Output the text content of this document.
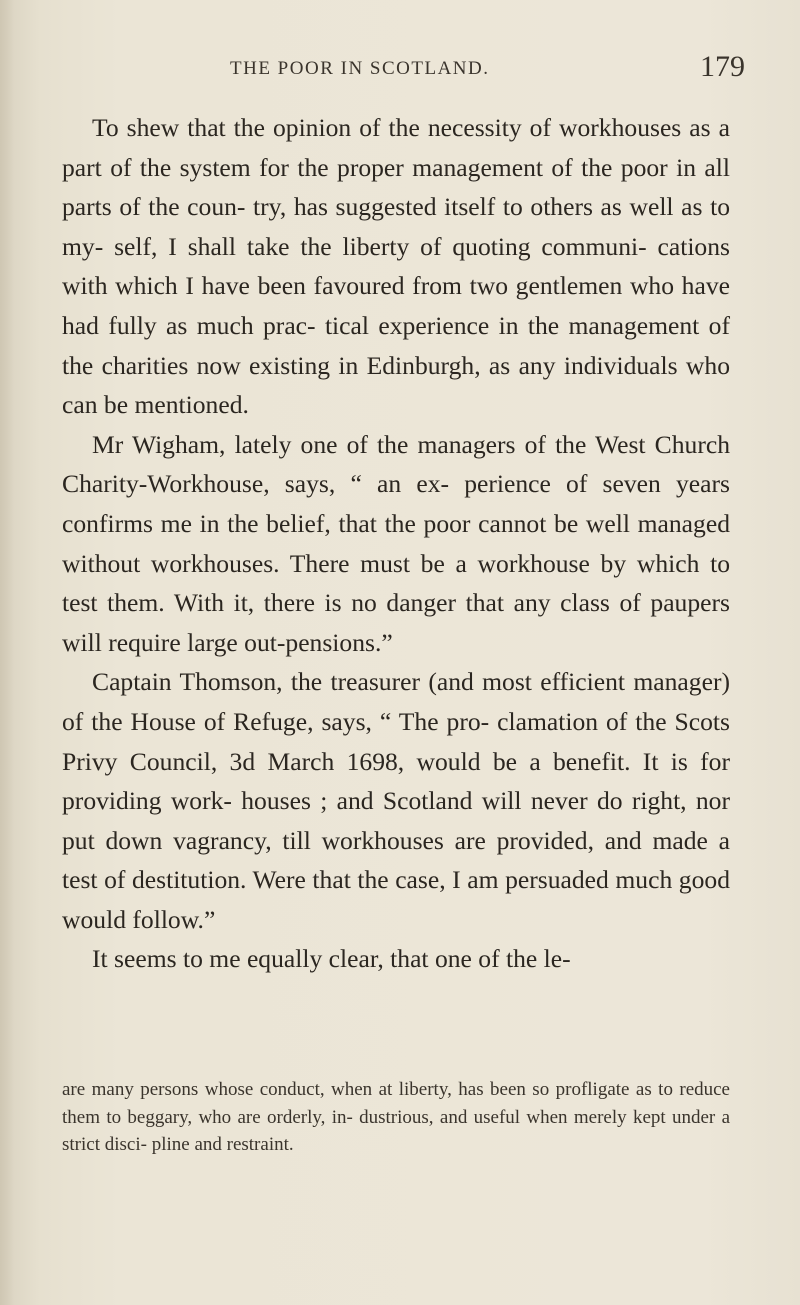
THE POOR IN SCOTLAND.	179

To shew that the opinion of the necessity of workhouses as a part of the system for the proper management of the poor in all parts of the coun- try, has suggested itself to others as well as to my- self, I shall take the liberty of quoting communi- cations with which I have been favoured from two gentlemen who have had fully as much prac- tical experience in the management of the charities now existing in Edinburgh, as any individuals who can be mentioned.

Mr Wigham, lately one of the managers of the West Church Charity-Workhouse, says, “ an ex- perience of seven years confirms me in the belief, that the poor cannot be well managed without workhouses. There must be a workhouse by which to test them. With it, there is no danger that any class of paupers will require large out-pensions.”

Captain Thomson, the treasurer (and most efficient manager) of the House of Refuge, says, “ The pro- clamation of the Scots Privy Council, 3d March 1698, would be a benefit. It is for providing work- houses ; and Scotland will never do right, nor put down vagrancy, till workhouses are provided, and made a test of destitution. Were that the case, I am persuaded much good would follow.”

It seems to me equally clear, that one of the le-

are many persons whose conduct, when at liberty, has been so profligate as to reduce them to beggary, who are orderly, in- dustrious, and useful when merely kept under a strict disci- pline and restraint.
